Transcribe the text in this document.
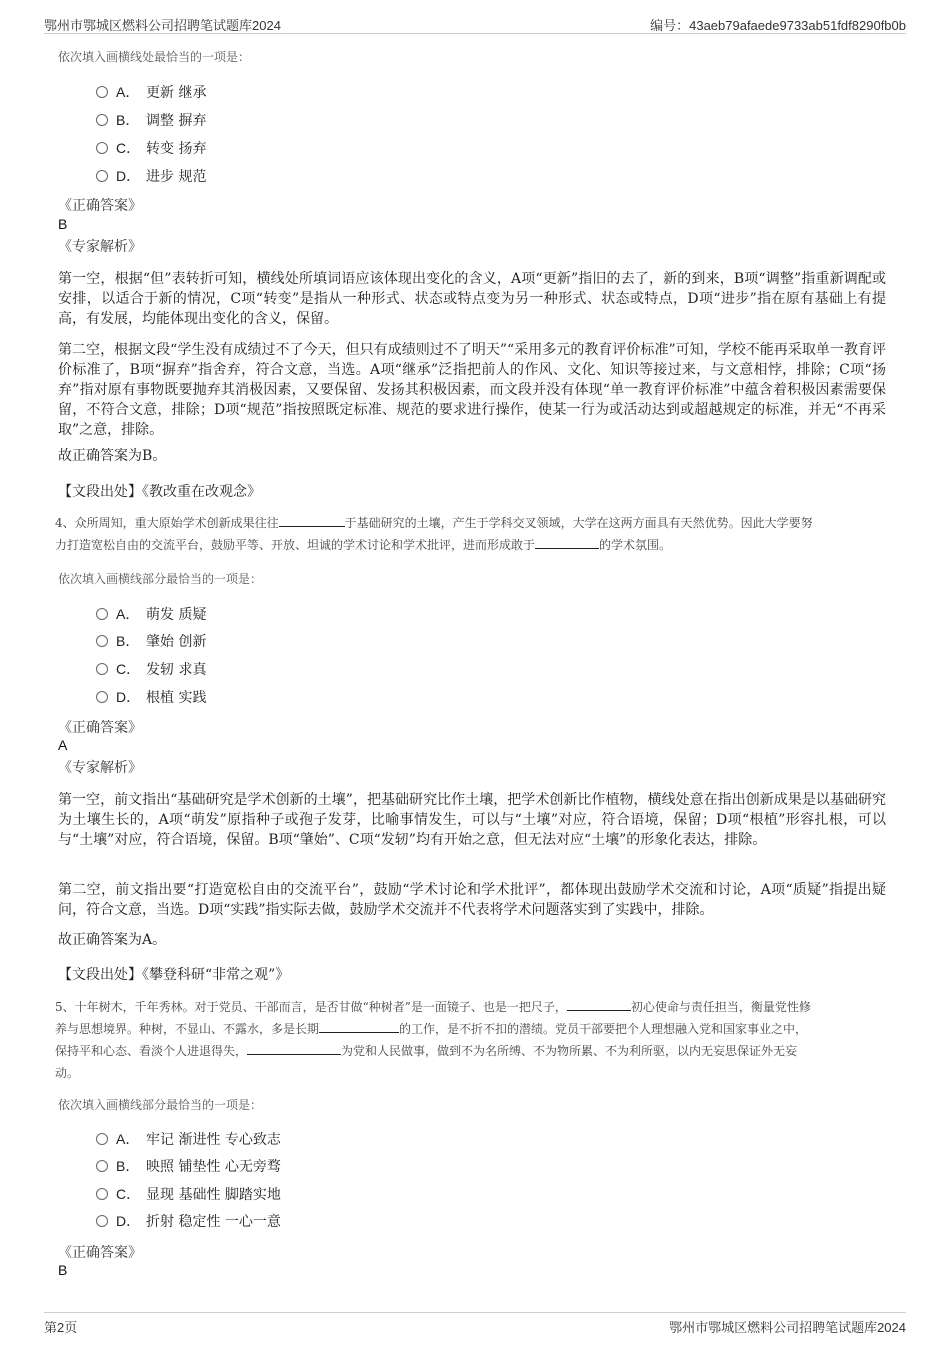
鄂州市鄂城区燃料公司招聘笔试题库2024	编号：43aeb79afaede9733ab51fdf8290fb0b
依次填入画横线处最恰当的一项是：
A． 更新 继承
B． 调整 摒弃
C． 转变 扬弃
D． 进步 规范
《正确答案》
B
《专家解析》
第一空，根据“但”表转折可知，横线处所填词语应该体现出变化的含义，A项“更新”指旧的去了，新的到来，B项“调整”指重新调配或安排，以适合于新的情况，C项“转变”是指从一种形式、状态或特点变为另一种形式、状态或特点，D项“进步”指在原有基础上有提高，有发展，均能体现出变化的含义，保留。
第二空，根据文段“学生没有成绩过不了今天，但只有成绩则过不了明天”“采用多元的教育评价标准”可知，学校不能再采取单一教育评价标准了，B项“摒弃”指舍弃，符合文意，当选。A项“继承”泛指把前人的作风、文化、知识等接过来，与文意相悖，排除；C项“扬弃”指对原有事物既要抛弃其消极因素，又要保留、发扬其积极因素，而文段并没有体现“单一教育评价标准”中蕴含着积极因素需要保留，不符合文意，排除；D项“规范”指按照既定标准、规范的要求进行操作，使某一行为或活动达到或超越规定的标准，并无“不再采取”之意，排除。
故正确答案为B。
【文段出处】《教改重在改观念》
4、众所周知，重大原始学术创新成果往往	于基础研究的土壤，产生于学科交叉领域，大学在这两方面具有天然优势。因此大学要努
力打造宽松自由的交流平台，鼓励平等、开放、坦诚的学术讨论和学术批评，进而形成敢于	的学术氛围。
依次填入画横线部分最恰当的一项是：
A． 萌发 质疑
B． 肇始 创新
C． 发轫 求真
D． 根植 实践
《正确答案》
A
《专家解析》
第一空，前文指出“基础研究是学术创新的土壤”，把基础研究比作土壤，把学术创新比作植物，横线处意在指出创新成果是以基础研究为土壤生长的，A项“萌发”原指种子或孢子发芽，比喻事情发生，可以与“土壤”对应，符合语境，保留；D项“根植”形容扎根，可以与“土壤”对应，符合语境，保留。B项“肇始”、C项“发轫”均有开始之意，但无法对应“土壤”的形象化表达，排除。
第二空，前文指出要“打造宽松自由的交流平台”，鼓励“学术讨论和学术批评”，都体现出鼓励学术交流和讨论，A项“质疑”指提出疑问，符合文意，当选。D项“实践”指实际去做，鼓励学术交流并不代表将学术问题落实到了实践中，排除。
故正确答案为A。
【文段出处】《攀登科研“非常之观”》
5、十年树木，千年秀林。对于党员、干部而言，是否甘做“种树者”是一面镜子、也是一把尺子，	初心使命与责任担当，衡量党性修
养与思想境界。种树，不显山、不露水，多是长期	的工作，是不折不扣的潜绩。党员干部要把个人理想融入党和国家事业之中，
保持平和心态、看淡个人进退得失，	为党和人民做事，做到不为名所缚、不为物所累、不为利所驱，以内无妄思保证外无妄
动。
依次填入画横线部分最恰当的一项是：
A． 牢记 渐进性 专心致志
B． 映照 铺垫性 心无旁骛
C． 显现 基础性 脚踏实地
D． 折射 稳定性 一心一意
《正确答案》
B
第2页	鄂州市鄂城区燃料公司招聘笔试题库2024
